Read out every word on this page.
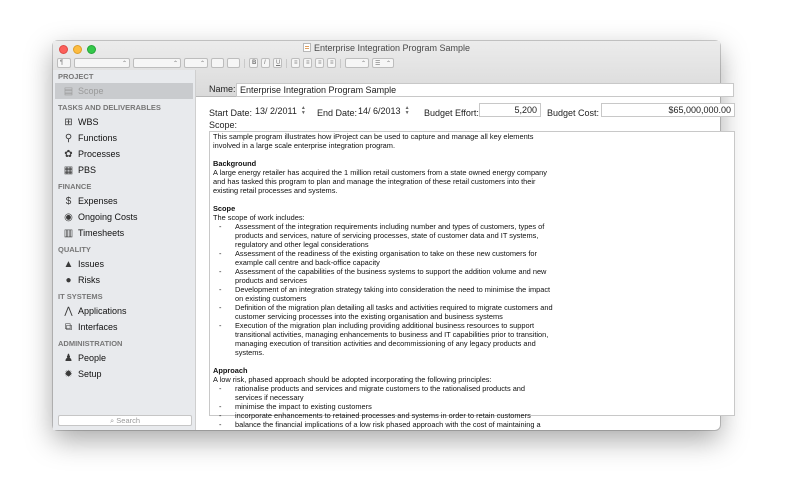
Enterprise Integration Program Sample
¶	⌃	⌃	⌃	B I U ≡ ≡ ≡ ≡	⌃ ☰ ⌃
PROJECT
▤ Scope
TASKS AND DELIVERABLES
⊞ WBS
⚲ Functions
✿ Processes
▦ PBS
FINANCE
$ Expenses
◉ Ongoing Costs
▥ Timesheets
QUALITY
▲ Issues
● Risks
IT SYSTEMS
⋀ Applications
⧉ Interfaces
ADMINISTRATION
♟ People
✹ Setup
⌕ Search
Name: Enterprise Integration Program Sample
Start Date: 13/ 2/2011 ▲
▼ End Date: 14/ 6/2013 ▲
▼ Budget Effort:	5,200	Budget Cost:	$65,000,000.00
Scope:

This sample program illustrates how iProject can be used to capture and manage all key elements involved in a large scale enterprise integration program.

Background

A large energy retailer has acquired the 1 million retail customers from a state owned energy company and has tasked this program to plan and manage the integration of these retail customers into their existing retail processes and systems.

Scope

The scope of work includes:

-	Assessment of the integration requirements including number and types of customers, types of products and services, nature of servicing processes, state of customer data and IT systems, regulatory and other legal considerations
-	Assessment of the readiness of the existing organisation to take on these new customers for example call centre and back-office capacity
-	Assessment of the capabilities of the business systems to support the addition volume and new products and services
-	Development of an integration strategy taking into consideration the need to minimise the impact on existing customers
-	Definition of the migration plan detailing all tasks and activities required to migrate customers and customer servicing processes into the existing organisation and business systems
-	Execution of the migration plan including providing additional business resources to support transitional activities, managing enhancements to business and IT capabilities prior to transition, managing execution of transition activities and decommissioning of any legacy products and systems.

Approach

A low risk, phased approach should be adopted incorporating the following principles:

-	rationalise products and services and migrate customers to the rationalised products and services if necessary
-	minimise the impact to existing customers
-	incorporate enhancements to retained processes and systems in order to retain customers
-	balance the financial implications of a low risk phased approach with the cost of maintaining a
